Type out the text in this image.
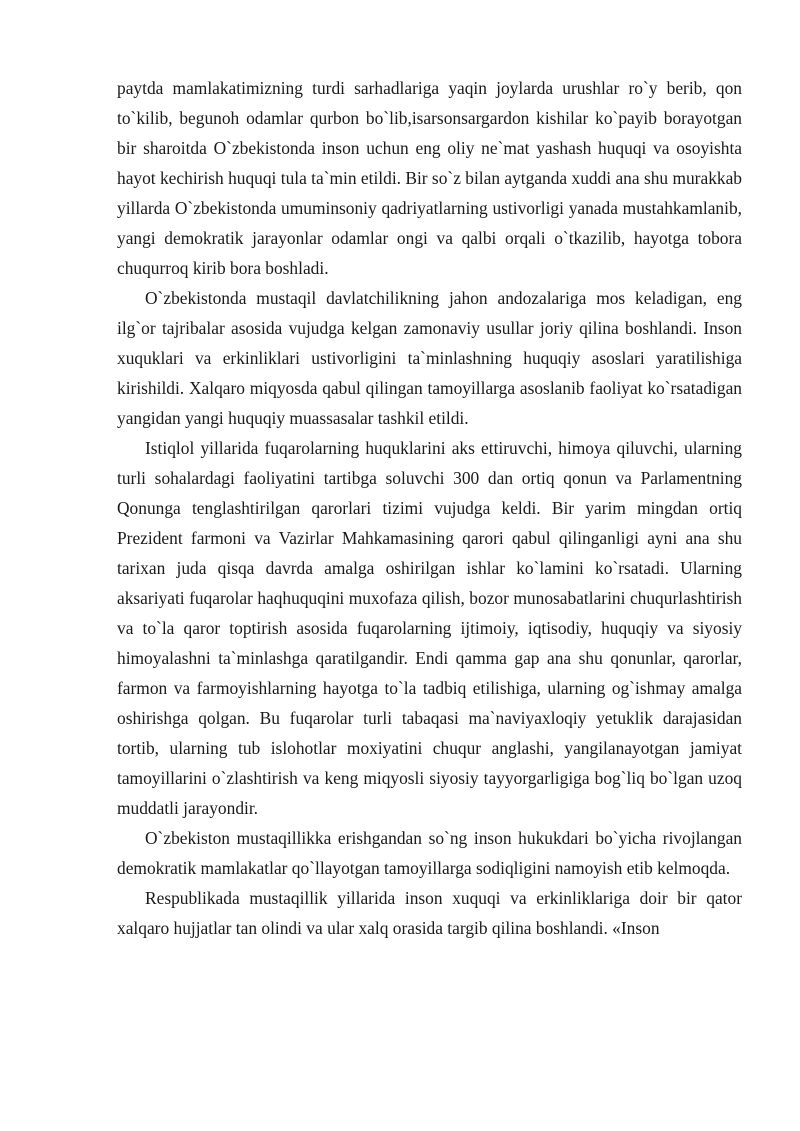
paytda mamlakatimizning turdi sarhadlariga yaqin joylarda urushlar ro`y berib, qon to`kilib, begunoh odamlar qurbon bo`lib,isarsonsargardon kishilar ko`payib borayotgan bir sharoitda O`zbekistonda inson uchun eng oliy ne`mat yashash huquqi va osoyishta hayot kechirish huquqi tula ta`min etildi. Bir so`z bilan aytganda xuddi ana shu murakkab yillarda O`zbekistonda umuminsoniy qadriyatlarning ustivorligi yanada mustahkamlanib, yangi demokratik jarayonlar odamlar ongi va qalbi orqali o`tkazilib, hayotga tobora chuqurroq kirib bora boshladi.

O`zbekistonda mustaqil davlatchilikning jahon andozalariga mos keladigan, eng ilg`or tajribalar asosida vujudga kelgan zamonaviy usullar joriy qilina boshlandi. Inson xuquklari va erkinliklari ustivorligini ta`minlashning huquqiy asoslari yaratilishiga kirishildi. Xalqaro miqyosda qabul qilingan tamoyillarga asoslanib faoliyat ko`rsatadigan yangidan yangi huquqiy muassasalar tashkil etildi.

Istiqlol yillarida fuqarolarning huquklarini aks ettiruvchi, himoya qiluvchi, ularning turli sohalardagi faoliyatini tartibga soluvchi 300 dan ortiq qonun va Parlamentning Qonunga tenglashtirilgan qarorlari tizimi vujudga keldi. Bir yarim mingdan ortiq Prezident farmoni va Vazirlar Mahkamasining qarori qabul qilinganligi ayni ana shu tarixan juda qisqa davrda amalga oshirilgan ishlar ko`lamini ko`rsatadi. Ularning aksariyati fuqarolar haqhuquqini muxofaza qilish, bozor munosabatlarini chuqurlashtirish va to`la qaror toptirish asosida fuqarolarning ijtimoiy, iqtisodiy, huquqiy va siyosiy himoyalashni ta`minlashga qaratilgandir. Endi qamma gap ana shu qonunlar, qarorlar, farmon va farmoyishlarning hayotga to`la tadbiq etilishiga, ularning og`ishmay amalga oshirishga qolgan. Bu fuqarolar turli tabaqasi ma`naviyaxloqiy yetuklik darajasidan tortib, ularning tub islohotlar moxiyatini chuqur anglashi, yangilanayotgan jamiyat tamoyillarini o`zlashtirish va keng miqyosli siyosiy tayyorgarligiga bog`liq bo`lgan uzoq muddatli jarayondir.

O`zbekiston mustaqillikka erishgandan so`ng inson hukukdari bo`yicha rivojlangan demokratik mamlakatlar qo`llayotgan tamoyillarga sodiqligini namoyish etib kelmoqda.

Respublikada mustaqillik yillarida inson xuquqi va erkinliklariga doir bir qator xalqaro hujjatlar tan olindi va ular xalq orasida targib qilina boshlandi. «Inson
